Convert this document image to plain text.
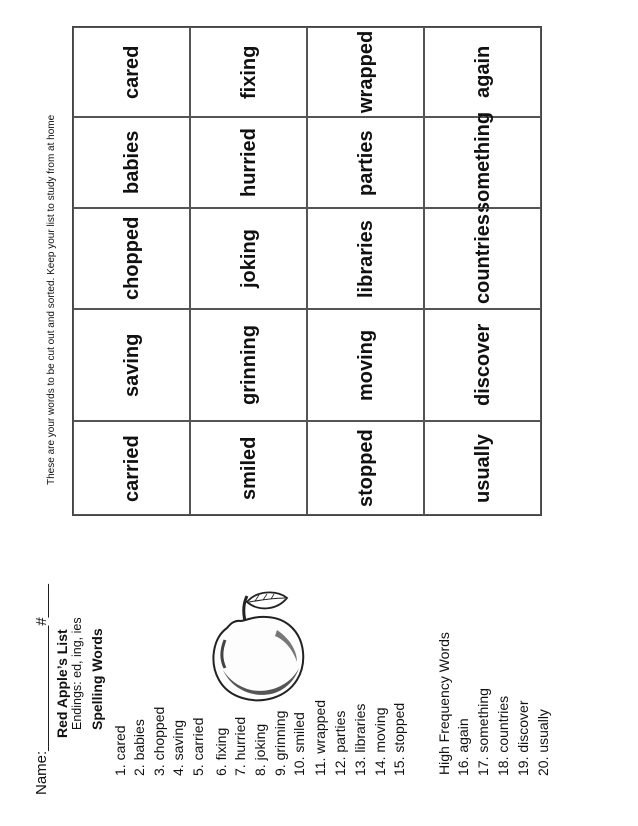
Name:_______________#____ Red Apple’s List Endings: ed, ing, ies Spelling Words
1. cared 2. babies 3. chopped 4. saving 5. carried 6. fixing 7. hurried 8. joking 9. grinning 10. smiled 11. wrapped 12. parties 13. libraries 14. moving 15. stopped High Frequency Words 16. again 17. something 18. countries 19. discover 20. usually
These are your words to be cut out and sorted. Keep your list to study from at home
cared
babies
chopped
saving
carried
fixing
hurried
joking
grinning
smiled
wrapped
parties
libraries
moving
stopped
again
something
countries
discover
usually
